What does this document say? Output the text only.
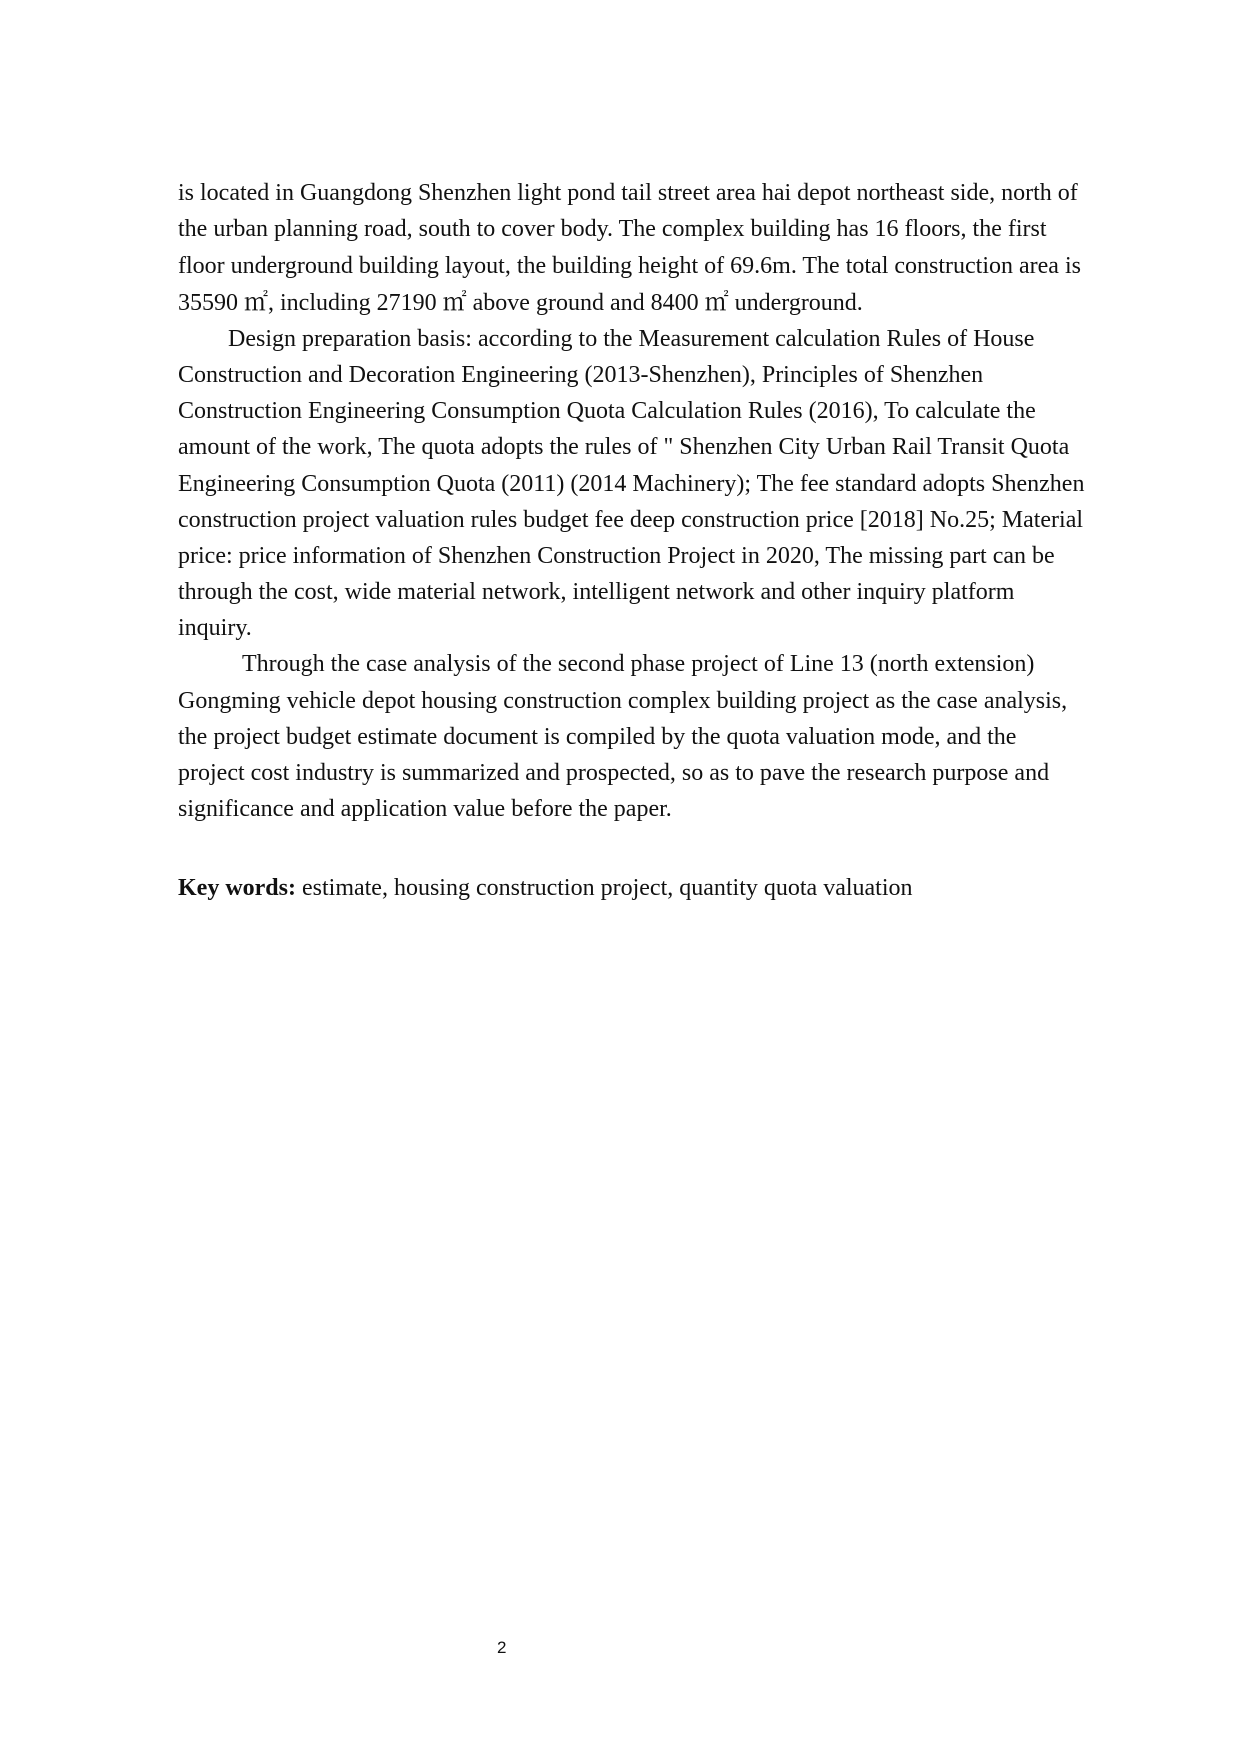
is located in Guangdong Shenzhen light pond tail street area hai depot northeast side, north of
the urban planning road, south to cover body. The complex building has 16 floors, the first
floor underground building layout, the building height of 69.6m. The total construction area is
35590 ㎡, including 27190 ㎡ above ground and 8400 ㎡ underground.
Design preparation basis: according to the Measurement calculation Rules of House
Construction and Decoration Engineering (2013-Shenzhen), Principles of Shenzhen
Construction Engineering Consumption Quota Calculation Rules (2016), To calculate the
amount of the work, The quota adopts the rules of " Shenzhen City Urban Rail Transit Quota
Engineering Consumption Quota (2011) (2014 Machinery); The fee standard adopts Shenzhen
construction project valuation rules budget fee deep construction price [2018] No.25; Material
price: price information of Shenzhen Construction Project in 2020, The missing part can be
through the cost, wide material network, intelligent network and other inquiry platform
inquiry.
Through the case analysis of the second phase project of Line 13 (north extension)
Gongming vehicle depot housing construction complex building project as the case analysis,
the project budget estimate document is compiled by the quota valuation mode, and the
project cost industry is summarized and prospected, so as to pave the research purpose and
significance and application value before the paper.
Key words: estimate, housing construction project, quantity quota valuation
2
